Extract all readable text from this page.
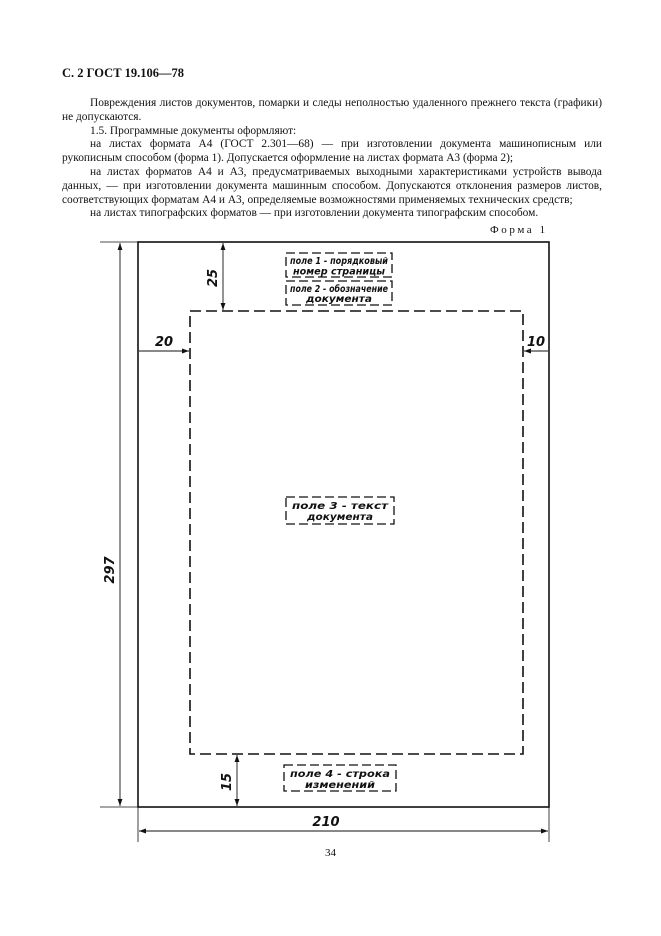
С. 2 ГОСТ 19.106—78

Повреждения листов документов, помарки и следы неполностью удаленного прежнего текста (графики) не допускаются.

1.5. Программные документы оформляют:

на листах формата А4 (ГОСТ 2.301—68) — при изготовлении документа машинописным или рукописным способом (форма 1). Допускается оформление на листах формата А3 (форма 2);

на листах форматов А4 и А3, предусматриваемых выходными характеристиками устройств вывода данных, — при изготовлении документа машинным способом. Допускаются отклонения размеров листов, соответствующих форматам А4 и А3, определяемые возможностями применяемых технических средств;

на листах типографских форматов — при изготовлении документа типографским способом.

Форма 1
25
20	10
297
15
210
поле 1 - порядковый
номер страницы
поле 2 - обозначение
документа
поле 3 - текст
документа
поле 4 - строка
изменений
34
